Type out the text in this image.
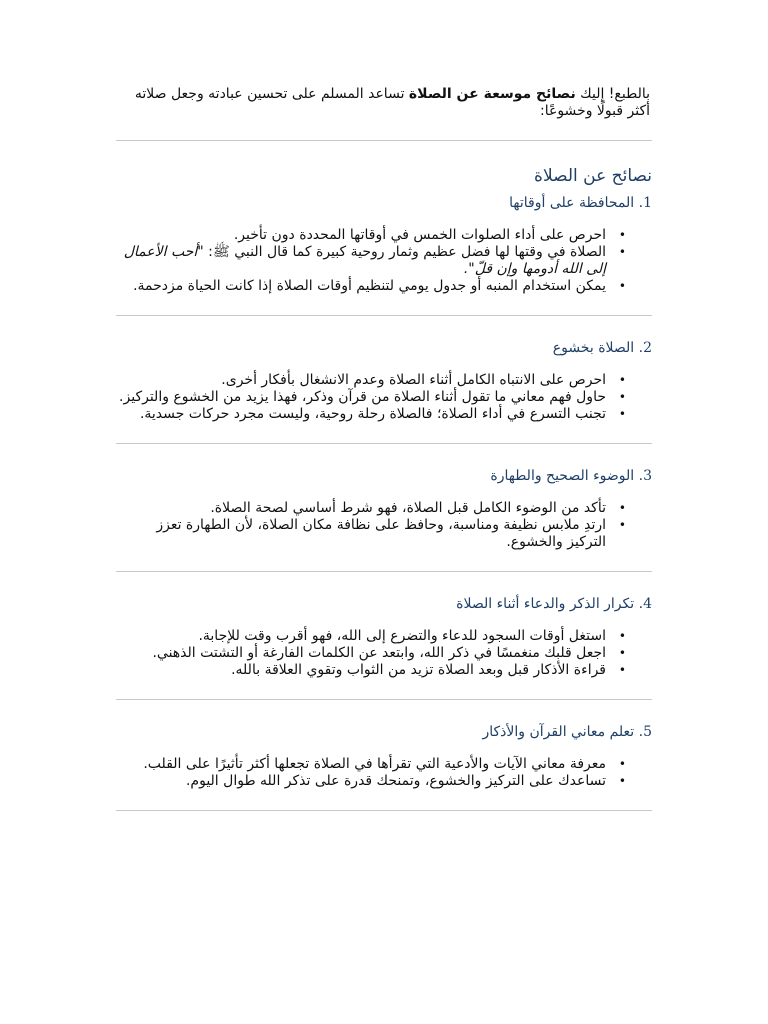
بالطبع! إليك نصائح موسعة عن الصلاة تساعد المسلم على تحسين عبادته وجعل صلاته أكثر قبولًا وخشوعًا:

نصائح عن الصلاة
1. المحافظة على أوقاتها
•
احرص على أداء الصلوات الخمس في أوقاتها المحددة دون تأخير.
•
الصلاة في وقتها لها فضل عظيم وثمار روحية كبيرة كما قال النبي ﷺ: "أحب الأعمال إلى الله أدومها وإن قلّ".
•
يمكن استخدام المنبه أو جدول يومي لتنظيم أوقات الصلاة إذا كانت الحياة مزدحمة.
2. الصلاة بخشوع
•
احرص على الانتباه الكامل أثناء الصلاة وعدم الانشغال بأفكار أخرى.
•
حاول فهم معاني ما تقول أثناء الصلاة من قرآن وذكر، فهذا يزيد من الخشوع والتركيز.
•
تجنب التسرع في أداء الصلاة؛ فالصلاة رحلة روحية، وليست مجرد حركات جسدية.
3. الوضوء الصحيح والطهارة
•
تأكد من الوضوء الكامل قبل الصلاة، فهو شرط أساسي لصحة الصلاة.
•
ارتدِ ملابس نظيفة ومناسبة، وحافظ على نظافة مكان الصلاة، لأن الطهارة تعزز التركيز والخشوع.
4. تكرار الذكر والدعاء أثناء الصلاة
•
استغل أوقات السجود للدعاء والتضرع إلى الله، فهو أقرب وقت للإجابة.
•
اجعل قلبك منغمسًا في ذكر الله، وابتعد عن الكلمات الفارغة أو التشتت الذهني.
•
قراءة الأذكار قبل وبعد الصلاة تزيد من الثواب وتقوي العلاقة بالله.
5. تعلم معاني القرآن والأذكار
•
معرفة معاني الآيات والأدعية التي تقرأها في الصلاة تجعلها أكثر تأثيرًا على القلب.
•
تساعدك على التركيز والخشوع، وتمنحك قدرة على تذكر الله طوال اليوم.
